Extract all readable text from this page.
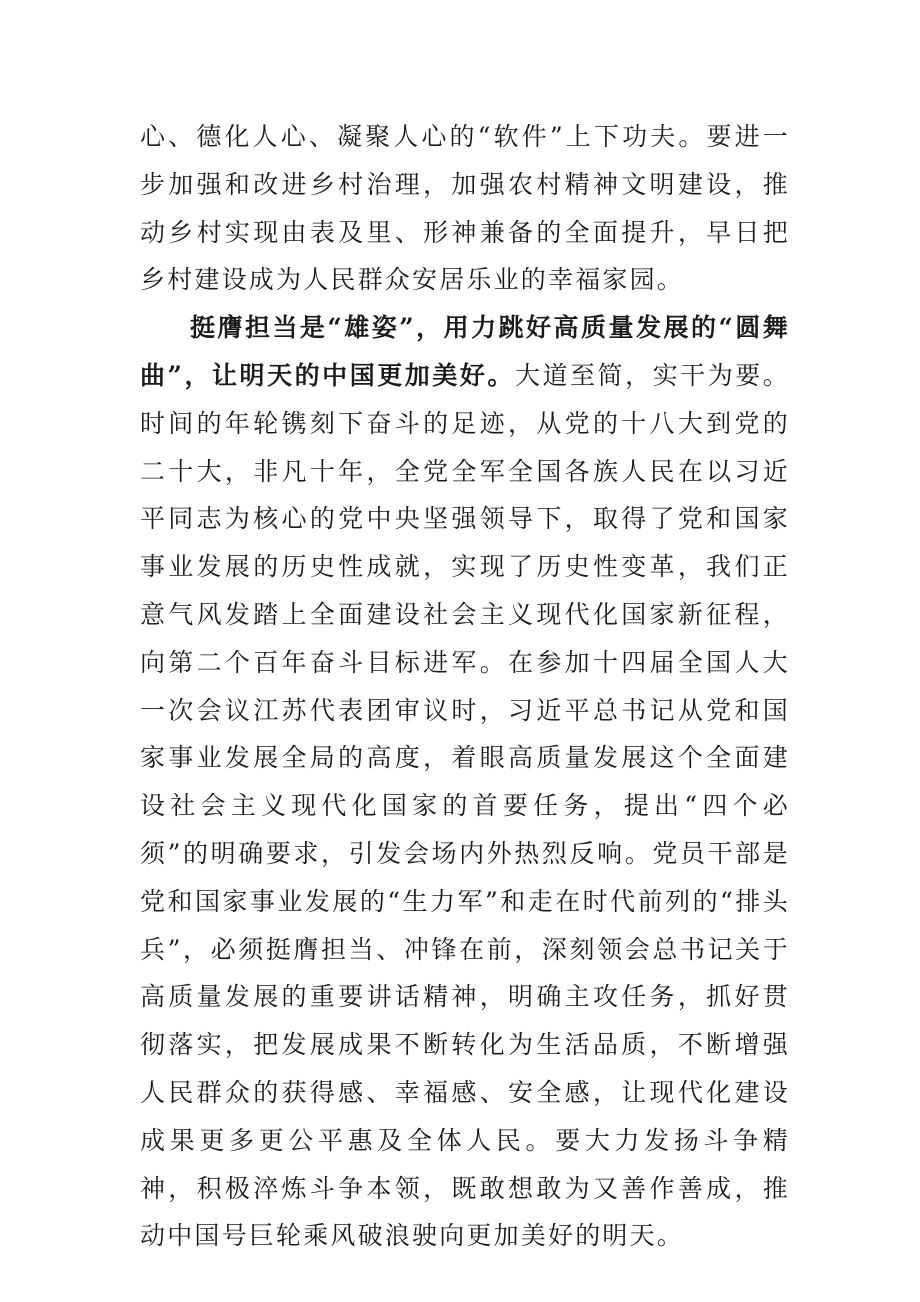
心、德化人心、凝聚人心的“软件”上下功夫。要进一步加强和改进乡村治理，加强农村精神文明建设，推动乡村实现由表及里、形神兼备的全面提升，早日把乡村建设成为人民群众安居乐业的幸福家园。

挺膺担当是“雄姿”，用力跳好高质量发展的“圆舞曲”，让明天的中国更加美好。大道至简，实干为要。时间的年轮镌刻下奋斗的足迹，从党的十八大到党的二十大，非凡十年，全党全军全国各族人民在以习近平同志为核心的党中央坚强领导下，取得了党和国家事业发展的历史性成就，实现了历史性变革，我们正意气风发踏上全面建设社会主义现代化国家新征程，向第二个百年奋斗目标进军。在参加十四届全国人大一次会议江苏代表团审议时，习近平总书记从党和国家事业发展全局的高度，着眼高质量发展这个全面建设社会主义现代化国家的首要任务，提出“四个必须”的明确要求，引发会场内外热烈反响。党员干部是党和国家事业发展的“生力军”和走在时代前列的“排头兵”，必须挺膺担当、冲锋在前，深刻领会总书记关于高质量发展的重要讲话精神，明确主攻任务，抓好贯彻落实，把发展成果不断转化为生活品质，不断增强人民群众的获得感、幸福感、安全感，让现代化建设成果更多更公平惠及全体人民。要大力发扬斗争精神，积极淬炼斗争本领，既敢想敢为又善作善成，推动中国号巨轮乘风破浪驶向更加美好的明天。
